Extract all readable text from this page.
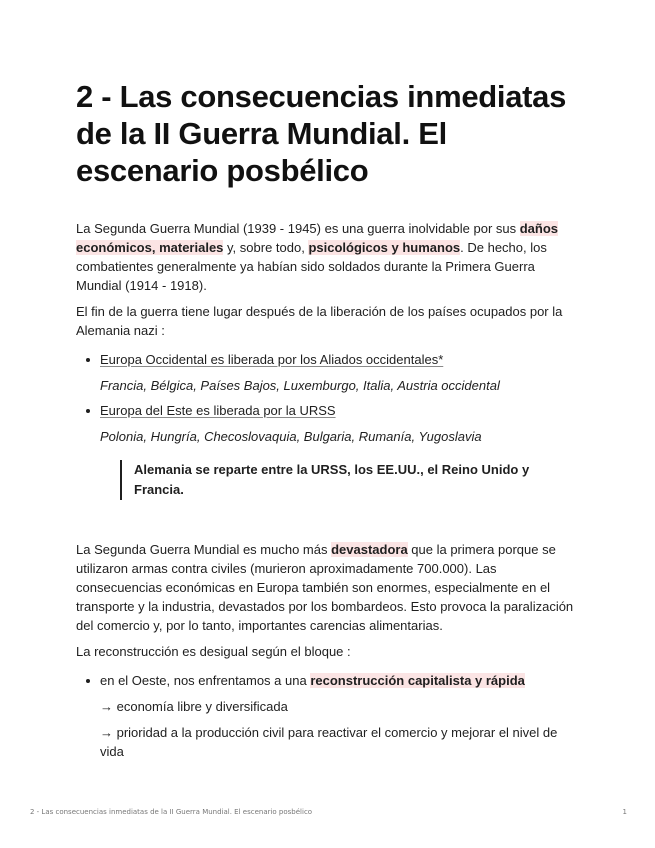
2 - Las consecuencias inmediatas de la II Guerra Mundial. El escenario posbélico

La Segunda Guerra Mundial (1939 - 1945) es una guerra inolvidable por sus daños económicos, materiales y, sobre todo, psicológicos y humanos. De hecho, los combatientes generalmente ya habían sido soldados durante la Primera Guerra Mundial (1914 - 1918).

El fin de la guerra tiene lugar después de la liberación de los países ocupados por la Alemania nazi :

Europa Occidental es liberada por los Aliados occidentales*
Francia, Bélgica, Países Bajos, Luxemburgo, Italia, Austria occidental
Europa del Este es liberada por la URSS
Polonia, Hungría, Checoslovaquia, Bulgaria, Rumanía, Yugoslavia
Alemania se reparte entre la URSS, los EE.UU., el Reino Unido y Francia.

La Segunda Guerra Mundial es mucho más devastadora que la primera porque se utilizaron armas contra civiles (murieron aproximadamente 700.000). Las consecuencias económicas en Europa también son enormes, especialmente en el transporte y la industria, devastados por los bombardeos. Esto provoca la paralización del comercio y, por lo tanto, importantes carencias alimentarias.

La reconstrucción es desigual según el bloque :

en el Oeste, nos enfrentamos a una reconstrucción capitalista y rápida
→ economía libre y diversificada
→ prioridad a la producción civil para reactivar el comercio y mejorar el nivel de vida
2 - Las consecuencias inmediatas de la II Guerra Mundial. El escenario posbélico	1
